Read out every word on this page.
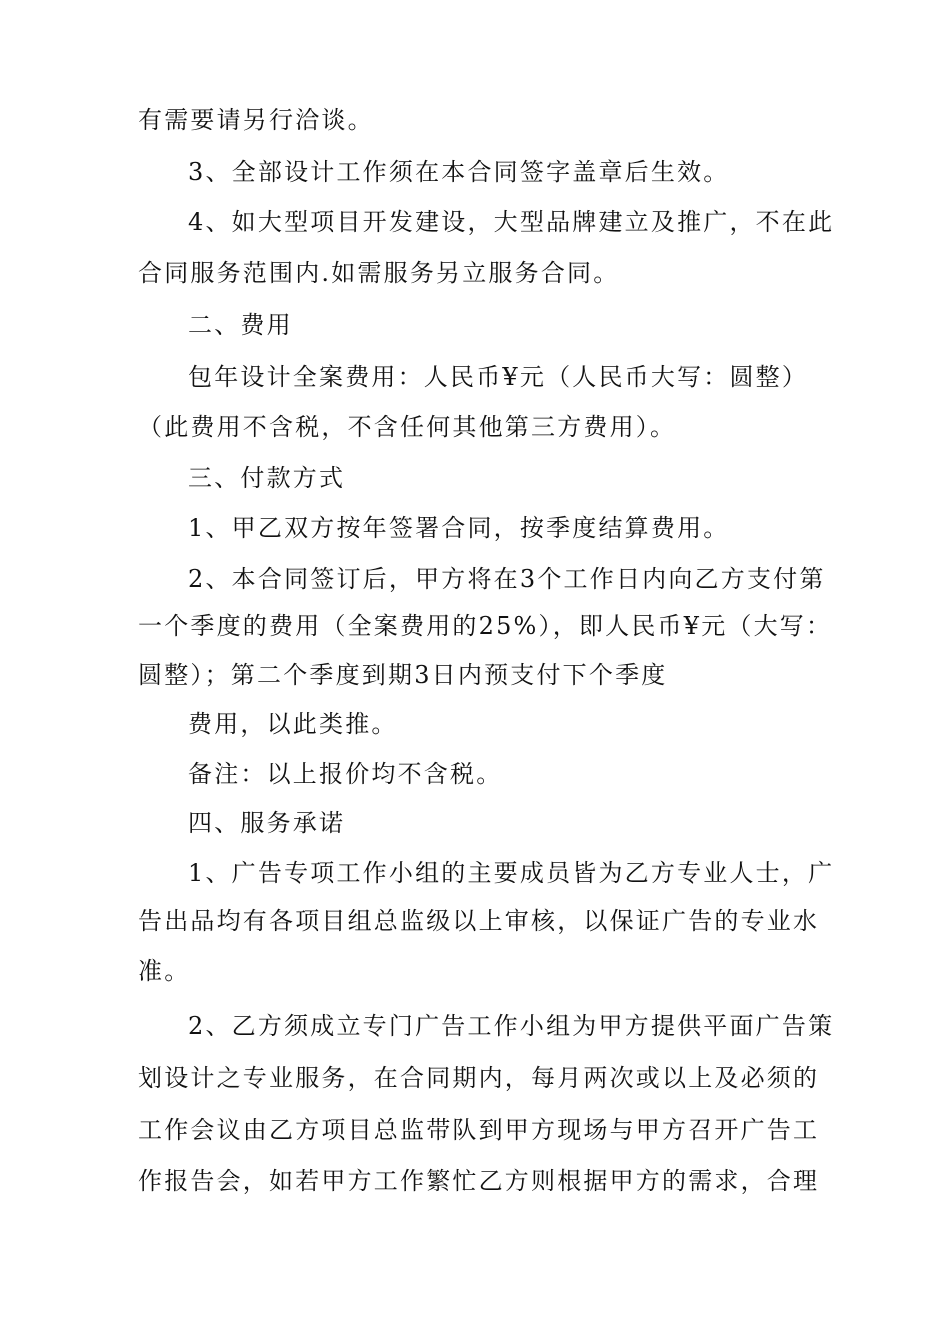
有需要请另行洽谈。
3、全部设计工作须在本合同签字盖章后生效。
4、如大型项目开发建设，大型品牌建立及推广，不在此
合同服务范围内.如需服务另立服务合同。
二、费用
包年设计全案费用：人民币¥元（人民币大写：圆整）
（此费用不含税，不含任何其他第三方费用）。
三、付款方式
1、甲乙双方按年签署合同，按季度结算费用。
2、本合同签订后，甲方将在3个工作日内向乙方支付第
一个季度的费用（全案费用的25%），即人民币¥元（大写：
圆整）；第二个季度到期3日内预支付下个季度
费用，以此类推。
备注：以上报价均不含税。
四、服务承诺
1、广告专项工作小组的主要成员皆为乙方专业人士，广
告出品均有各项目组总监级以上审核，以保证广告的专业水
准。
2、乙方须成立专门广告工作小组为甲方提供平面广告策
划设计之专业服务，在合同期内，每月两次或以上及必须的
工作会议由乙方项目总监带队到甲方现场与甲方召开广告工
作报告会，如若甲方工作繁忙乙方则根据甲方的需求，合理
